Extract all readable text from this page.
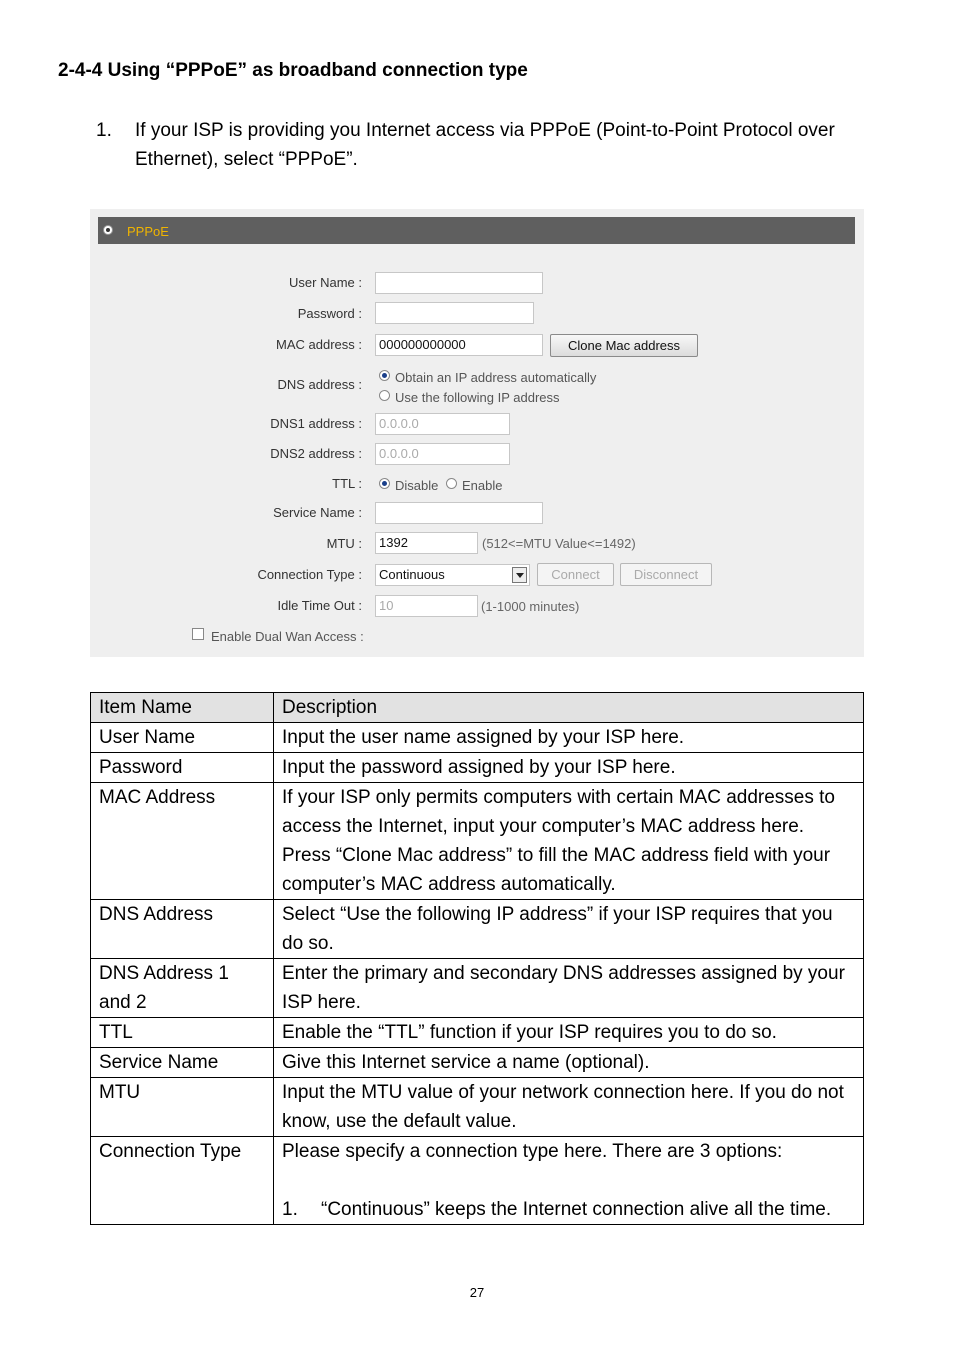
2-4-4 Using “PPPoE” as broadband connection type
1. If your ISP is providing you Internet access via PPPoE (Point-to-Point Protocol over Ethernet), select “PPPoE”.
PPPoE
User Name :
Password :
MAC address :	000000000000	Clone Mac address
DNS address :	Obtain an IP address automatically
Use the following IP address
DNS1 address :	0.0.0.0
DNS2 address :	0.0.0.0
TTL :	Disable Enable
Service Name :
MTU :	1392	(512<=MTU Value<=1492)
Connection Type :	Continuous	Connect	Disconnect
Idle Time Out :	10	(1-1000 minutes)
Enable Dual Wan Access :
Item Name	Description
User Name	Input the user name assigned by your ISP here.
Password	Input the password assigned by your ISP here.
MAC Address	If your ISP only permits computers with certain MAC addresses to access the Internet, input your computer’s MAC address here. Press “Clone Mac address” to fill the MAC address field with your computer’s MAC address automatically.
DNS Address	Select “Use the following IP address” if your ISP requires that you do so.
DNS Address 1 and 2	Enter the primary and secondary DNS addresses assigned by your ISP here.
TTL	Enable the “TTL” function if your ISP requires you to do so.
Service Name	Give this Internet service a name (optional).
MTU	Input the MTU value of your network connection here. If you do not know, use the default value.
Connection Type	Please specify a connection type here. There are 3 options:
1. “Continuous” keeps the Internet connection alive all the time.
27
